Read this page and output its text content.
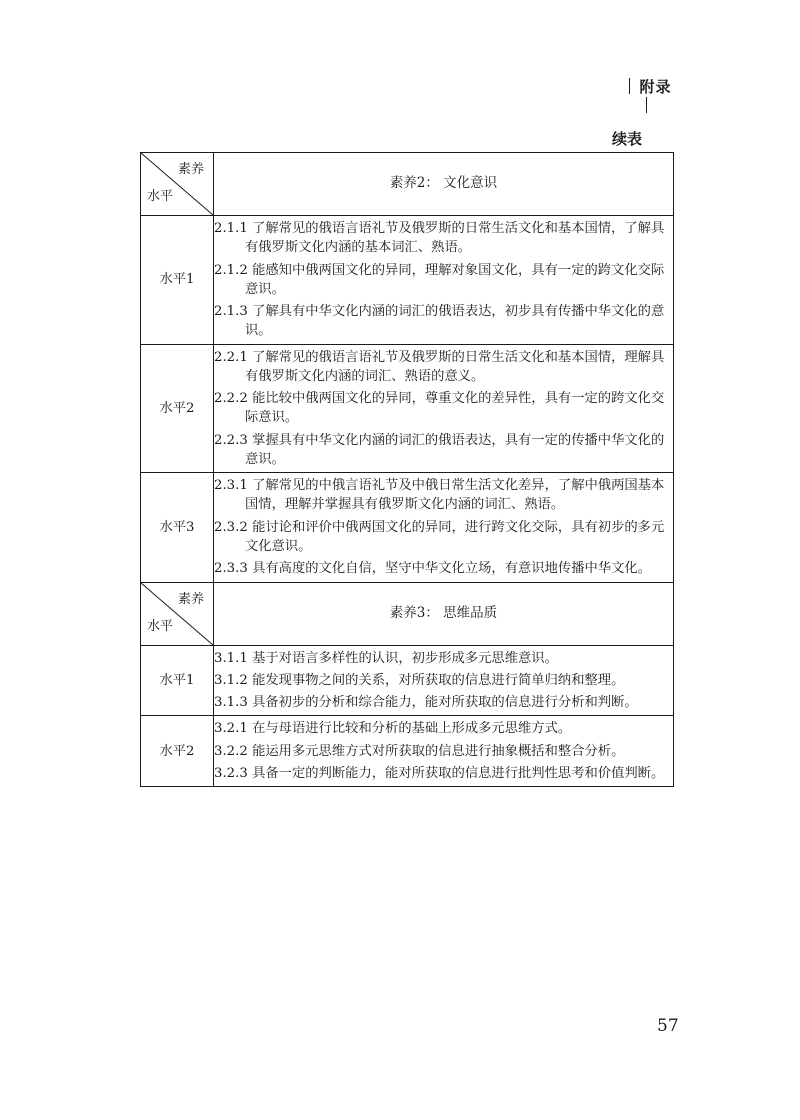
附录
续表
素养
水平	素养2： 文化意识
水平1	2.1.1 了解常见的俄语言语礼节及俄罗斯的日常生活文化和基本国情，了解具有俄罗斯文化内涵的基本词汇、熟语。
2.1.2 能感知中俄两国文化的异同，理解对象国文化，具有一定的跨文化交际意识。
2.1.3 了解具有中华文化内涵的词汇的俄语表达，初步具有传播中华文化的意识。

水平2	2.2.1 了解常见的俄语言语礼节及俄罗斯的日常生活文化和基本国情，理解具有俄罗斯文化内涵的词汇、熟语的意义。
2.2.2 能比较中俄两国文化的异同，尊重文化的差异性，具有一定的跨文化交际意识。
2.2.3 掌握具有中华文化内涵的词汇的俄语表达，具有一定的传播中华文化的意识。

水平3	2.3.1 了解常见的中俄言语礼节及中俄日常生活文化差异，了解中俄两国基本国情，理解并掌握具有俄罗斯文化内涵的词汇、熟语。
2.3.2 能讨论和评价中俄两国文化的异同，进行跨文化交际，具有初步的多元文化意识。
2.3.3 具有高度的文化自信，坚守中华文化立场，有意识地传播中华文化。

素养
水平	素养3： 思维品质
水平1	3.1.1 基于对语言多样性的认识，初步形成多元思维意识。
3.1.2 能发现事物之间的关系，对所获取的信息进行简单归纳和整理。
3.1.3 具备初步的分析和综合能力，能对所获取的信息进行分析和判断。

水平2	3.2.1 在与母语进行比较和分析的基础上形成多元思维方式。
3.2.2 能运用多元思维方式对所获取的信息进行抽象概括和整合分析。
3.2.3 具备一定的判断能力，能对所获取的信息进行批判性思考和价值判断。
57
